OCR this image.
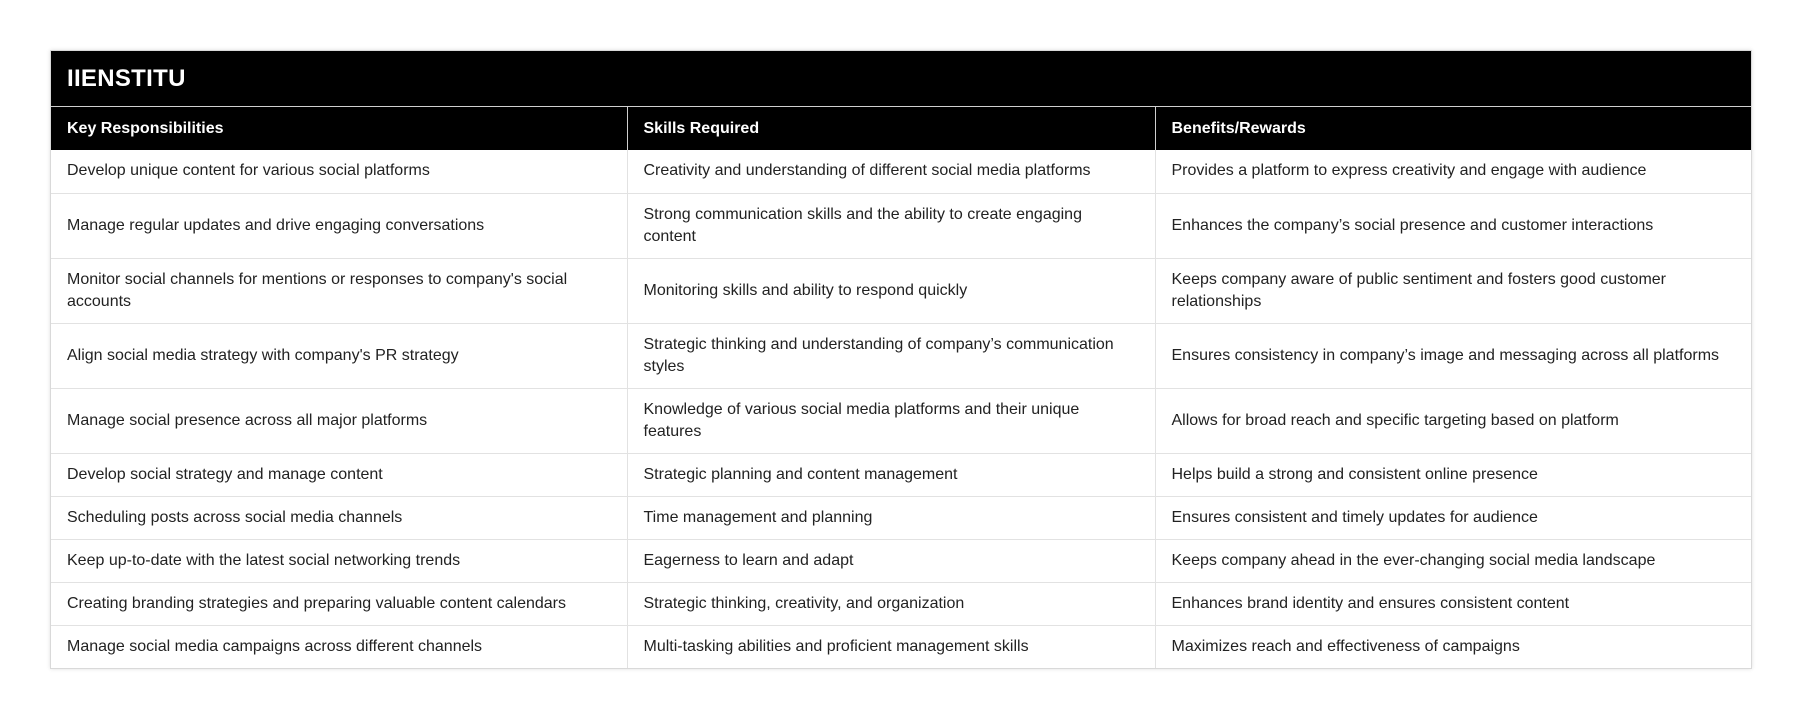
IIENSTITU
Key Responsibilities	Skills Required	Benefits/Rewards
Develop unique content for various social platforms	Creativity and understanding of different social media platforms	Provides a platform to express creativity and engage with audience
Manage regular updates and drive engaging conversations	Strong communication skills and the ability to create engaging content	Enhances the company’s social presence and customer interactions
Monitor social channels for mentions or responses to company's social accounts	Monitoring skills and ability to respond quickly	Keeps company aware of public sentiment and fosters good customer relationships
Align social media strategy with company's PR strategy	Strategic thinking and understanding of company’s communication styles	Ensures consistency in company’s image and messaging across all platforms
Manage social presence across all major platforms	Knowledge of various social media platforms and their unique features	Allows for broad reach and specific targeting based on platform
Develop social strategy and manage content	Strategic planning and content management	Helps build a strong and consistent online presence
Scheduling posts across social media channels	Time management and planning	Ensures consistent and timely updates for audience
Keep up-to-date with the latest social networking trends	Eagerness to learn and adapt	Keeps company ahead in the ever-changing social media landscape
Creating branding strategies and preparing valuable content calendars	Strategic thinking, creativity, and organization	Enhances brand identity and ensures consistent content
Manage social media campaigns across different channels	Multi-tasking abilities and proficient management skills	Maximizes reach and effectiveness of campaigns
